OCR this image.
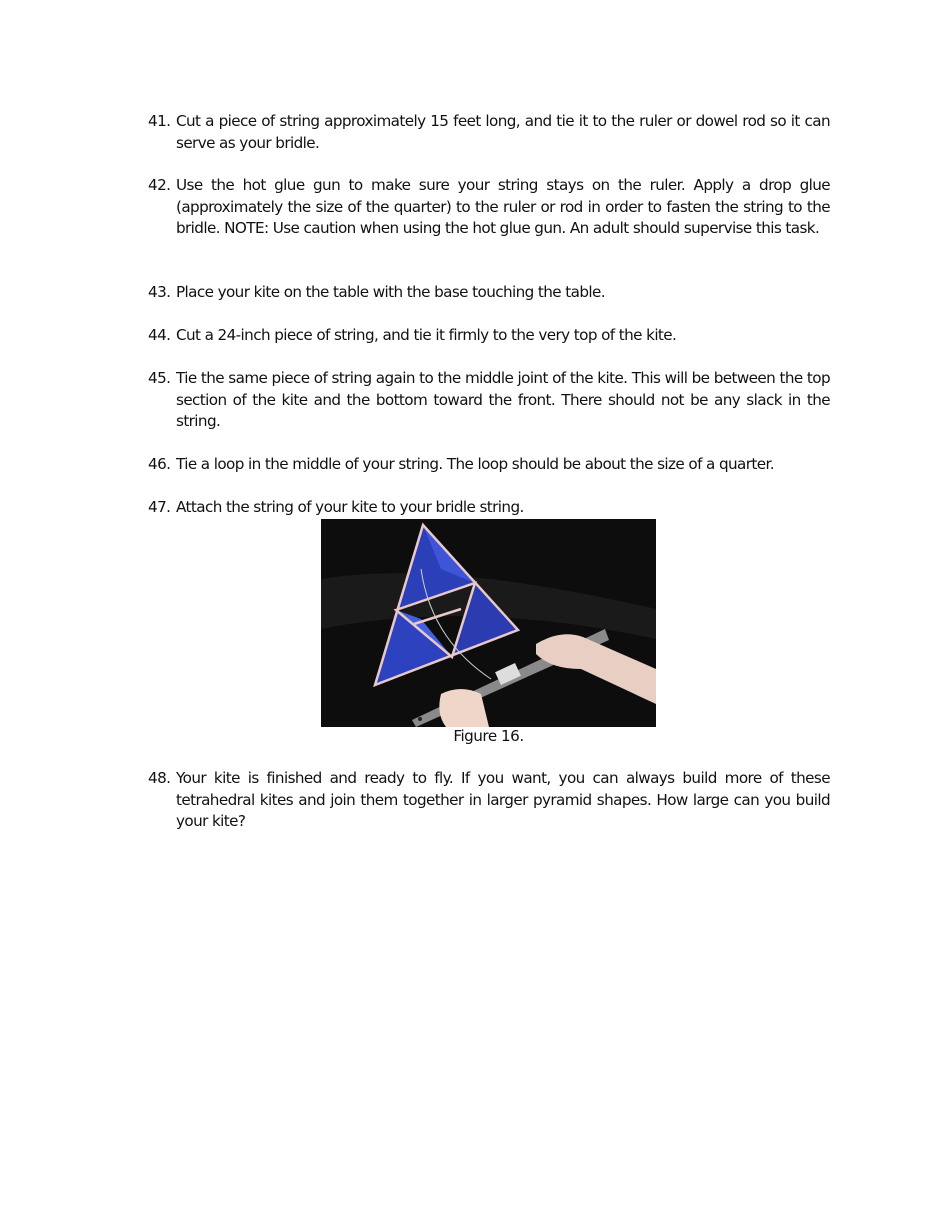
41. Cut a piece of string approximately 15 feet long, and tie it to the ruler or dowel rod so it can serve as your bridle.
42. Use the hot glue gun to make sure your string stays on the ruler. Apply a drop glue (approximately the size of the quarter) to the ruler or rod in order to fasten the string to the bridle. NOTE: Use caution when using the hot glue gun. An adult should supervise this task.
43. Place your kite on the table with the base touching the table.
44. Cut a 24-inch piece of string, and tie it firmly to the very top of the kite.
45. Tie the same piece of string again to the middle joint of the kite. This will be between the top section of the kite and the bottom toward the front. There should not be any slack in the string.
46. Tie a loop in the middle of your string. The loop should be about the size of a quarter.
47. Attach the string of your kite to your bridle string.
Figure 16.
48. Your kite is finished and ready to fly. If you want, you can always build more of these tetrahedral kites and join them together in larger pyramid shapes. How large can you build your kite?
